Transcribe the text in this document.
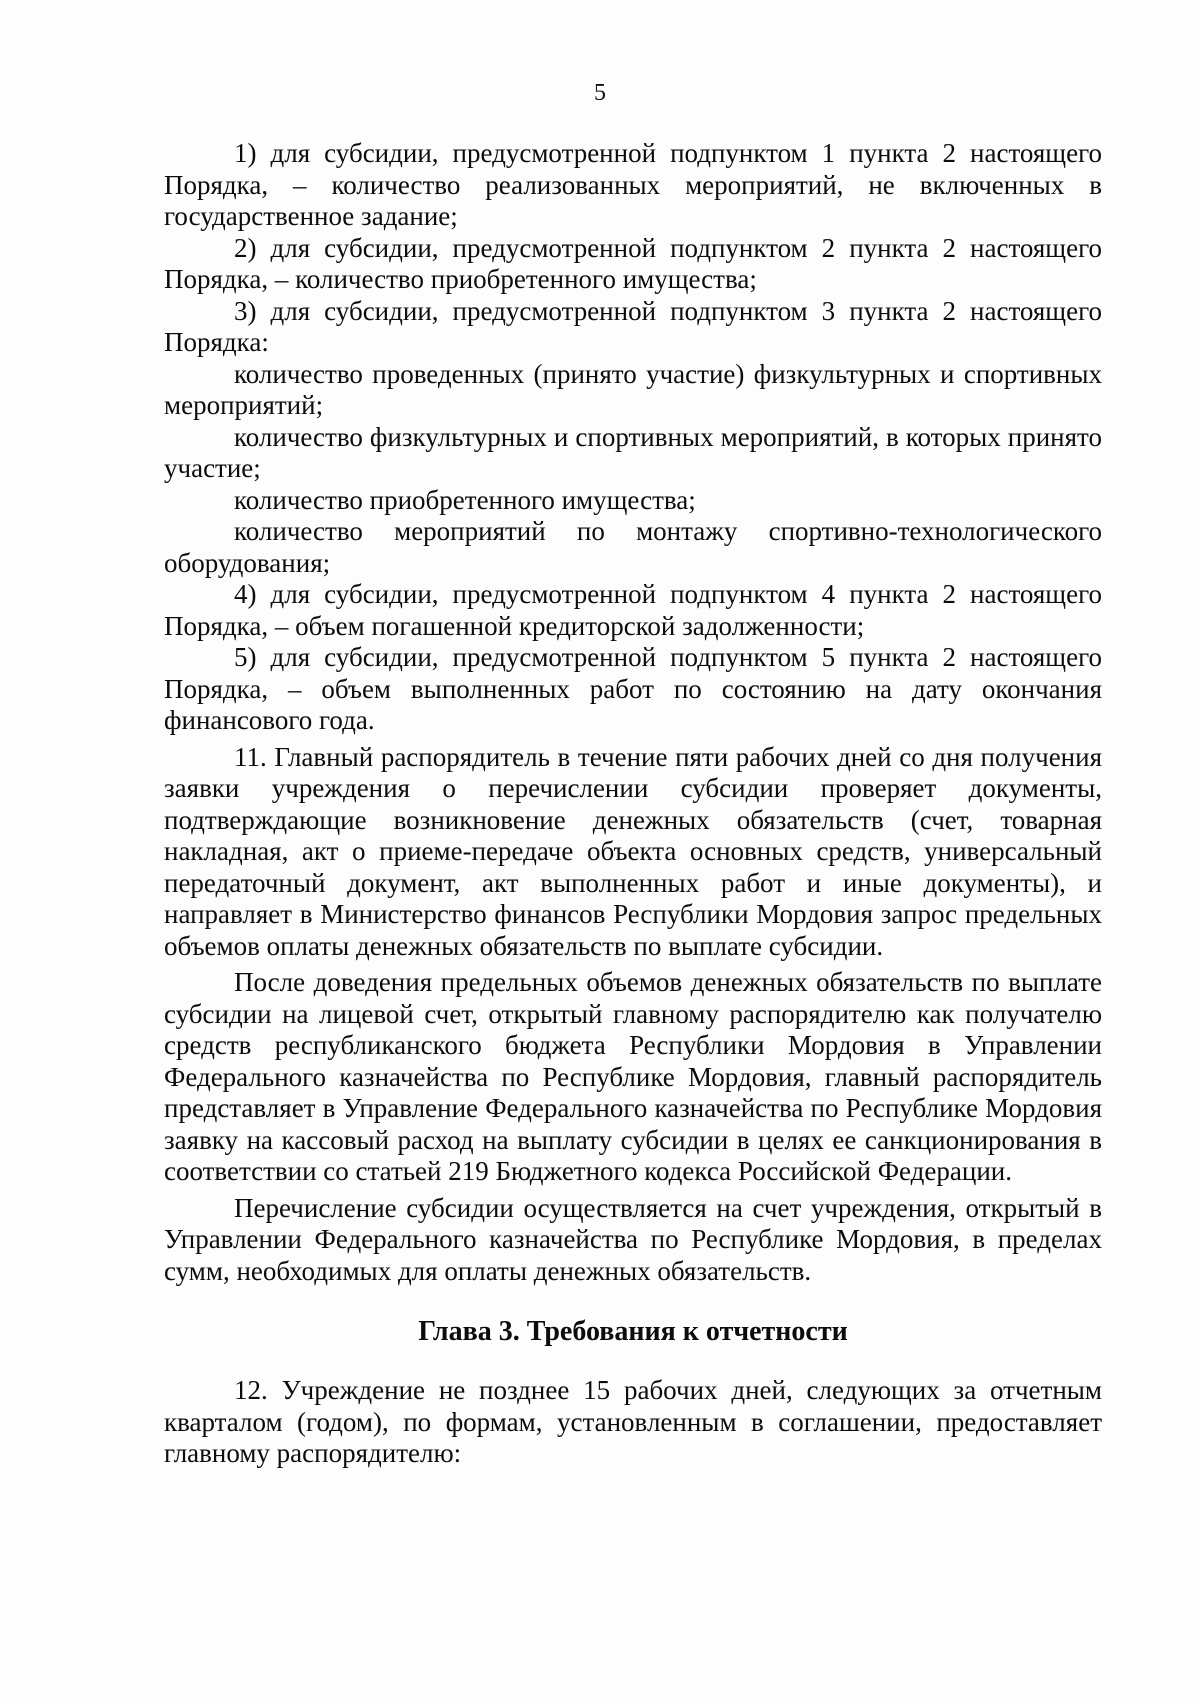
5

1) для субсидии, предусмотренной подпунктом 1 пункта 2 настоящего Порядка, – количество реализованных мероприятий, не включенных в государственное задание;

2) для субсидии, предусмотренной подпунктом 2 пункта 2 настоящего Порядка, – количество приобретенного имущества;

3) для субсидии, предусмотренной подпунктом 3 пункта 2 настоящего Порядка:

количество проведенных (принято участие) физкультурных и спортивных мероприятий;

количество физкультурных и спортивных мероприятий, в которых принято участие;

количество приобретенного имущества;

количество мероприятий по монтажу спортивно-технологического оборудования;

4) для субсидии, предусмотренной подпунктом 4 пункта 2 настоящего Порядка, – объем погашенной кредиторской задолженности;

5) для субсидии, предусмотренной подпунктом 5 пункта 2 настоящего Порядка, – объем выполненных работ по состоянию на дату окончания финансового года.

11. Главный распорядитель в течение пяти рабочих дней со дня получения заявки учреждения о перечислении субсидии проверяет документы, подтверждающие возникновение денежных обязательств (счет, товарная накладная, акт о приеме-передаче объекта основных средств, универсальный передаточный документ, акт выполненных работ и иные документы), и направляет в Министерство финансов Республики Мордовия запрос предельных объемов оплаты денежных обязательств по выплате субсидии.

После доведения предельных объемов денежных обязательств по выплате субсидии на лицевой счет, открытый главному распорядителю как получателю средств республиканского бюджета Республики Мордовия в Управлении Федерального казначейства по Республике Мордовия, главный распорядитель представляет в Управление Федерального казначейства по Республике Мордовия заявку на кассовый расход на выплату субсидии в целях ее санкционирования в соответствии со статьей 219 Бюджетного кодекса Российской Федерации.

Перечисление субсидии осуществляется на счет учреждения, открытый в Управлении Федерального казначейства по Республике Мордовия, в пределах сумм, необходимых для оплаты денежных обязательств.

Глава 3. Требования к отчетности

12. Учреждение не позднее 15 рабочих дней, следующих за отчетным кварталом (годом), по формам, установленным в соглашении, предоставляет главному распорядителю:
